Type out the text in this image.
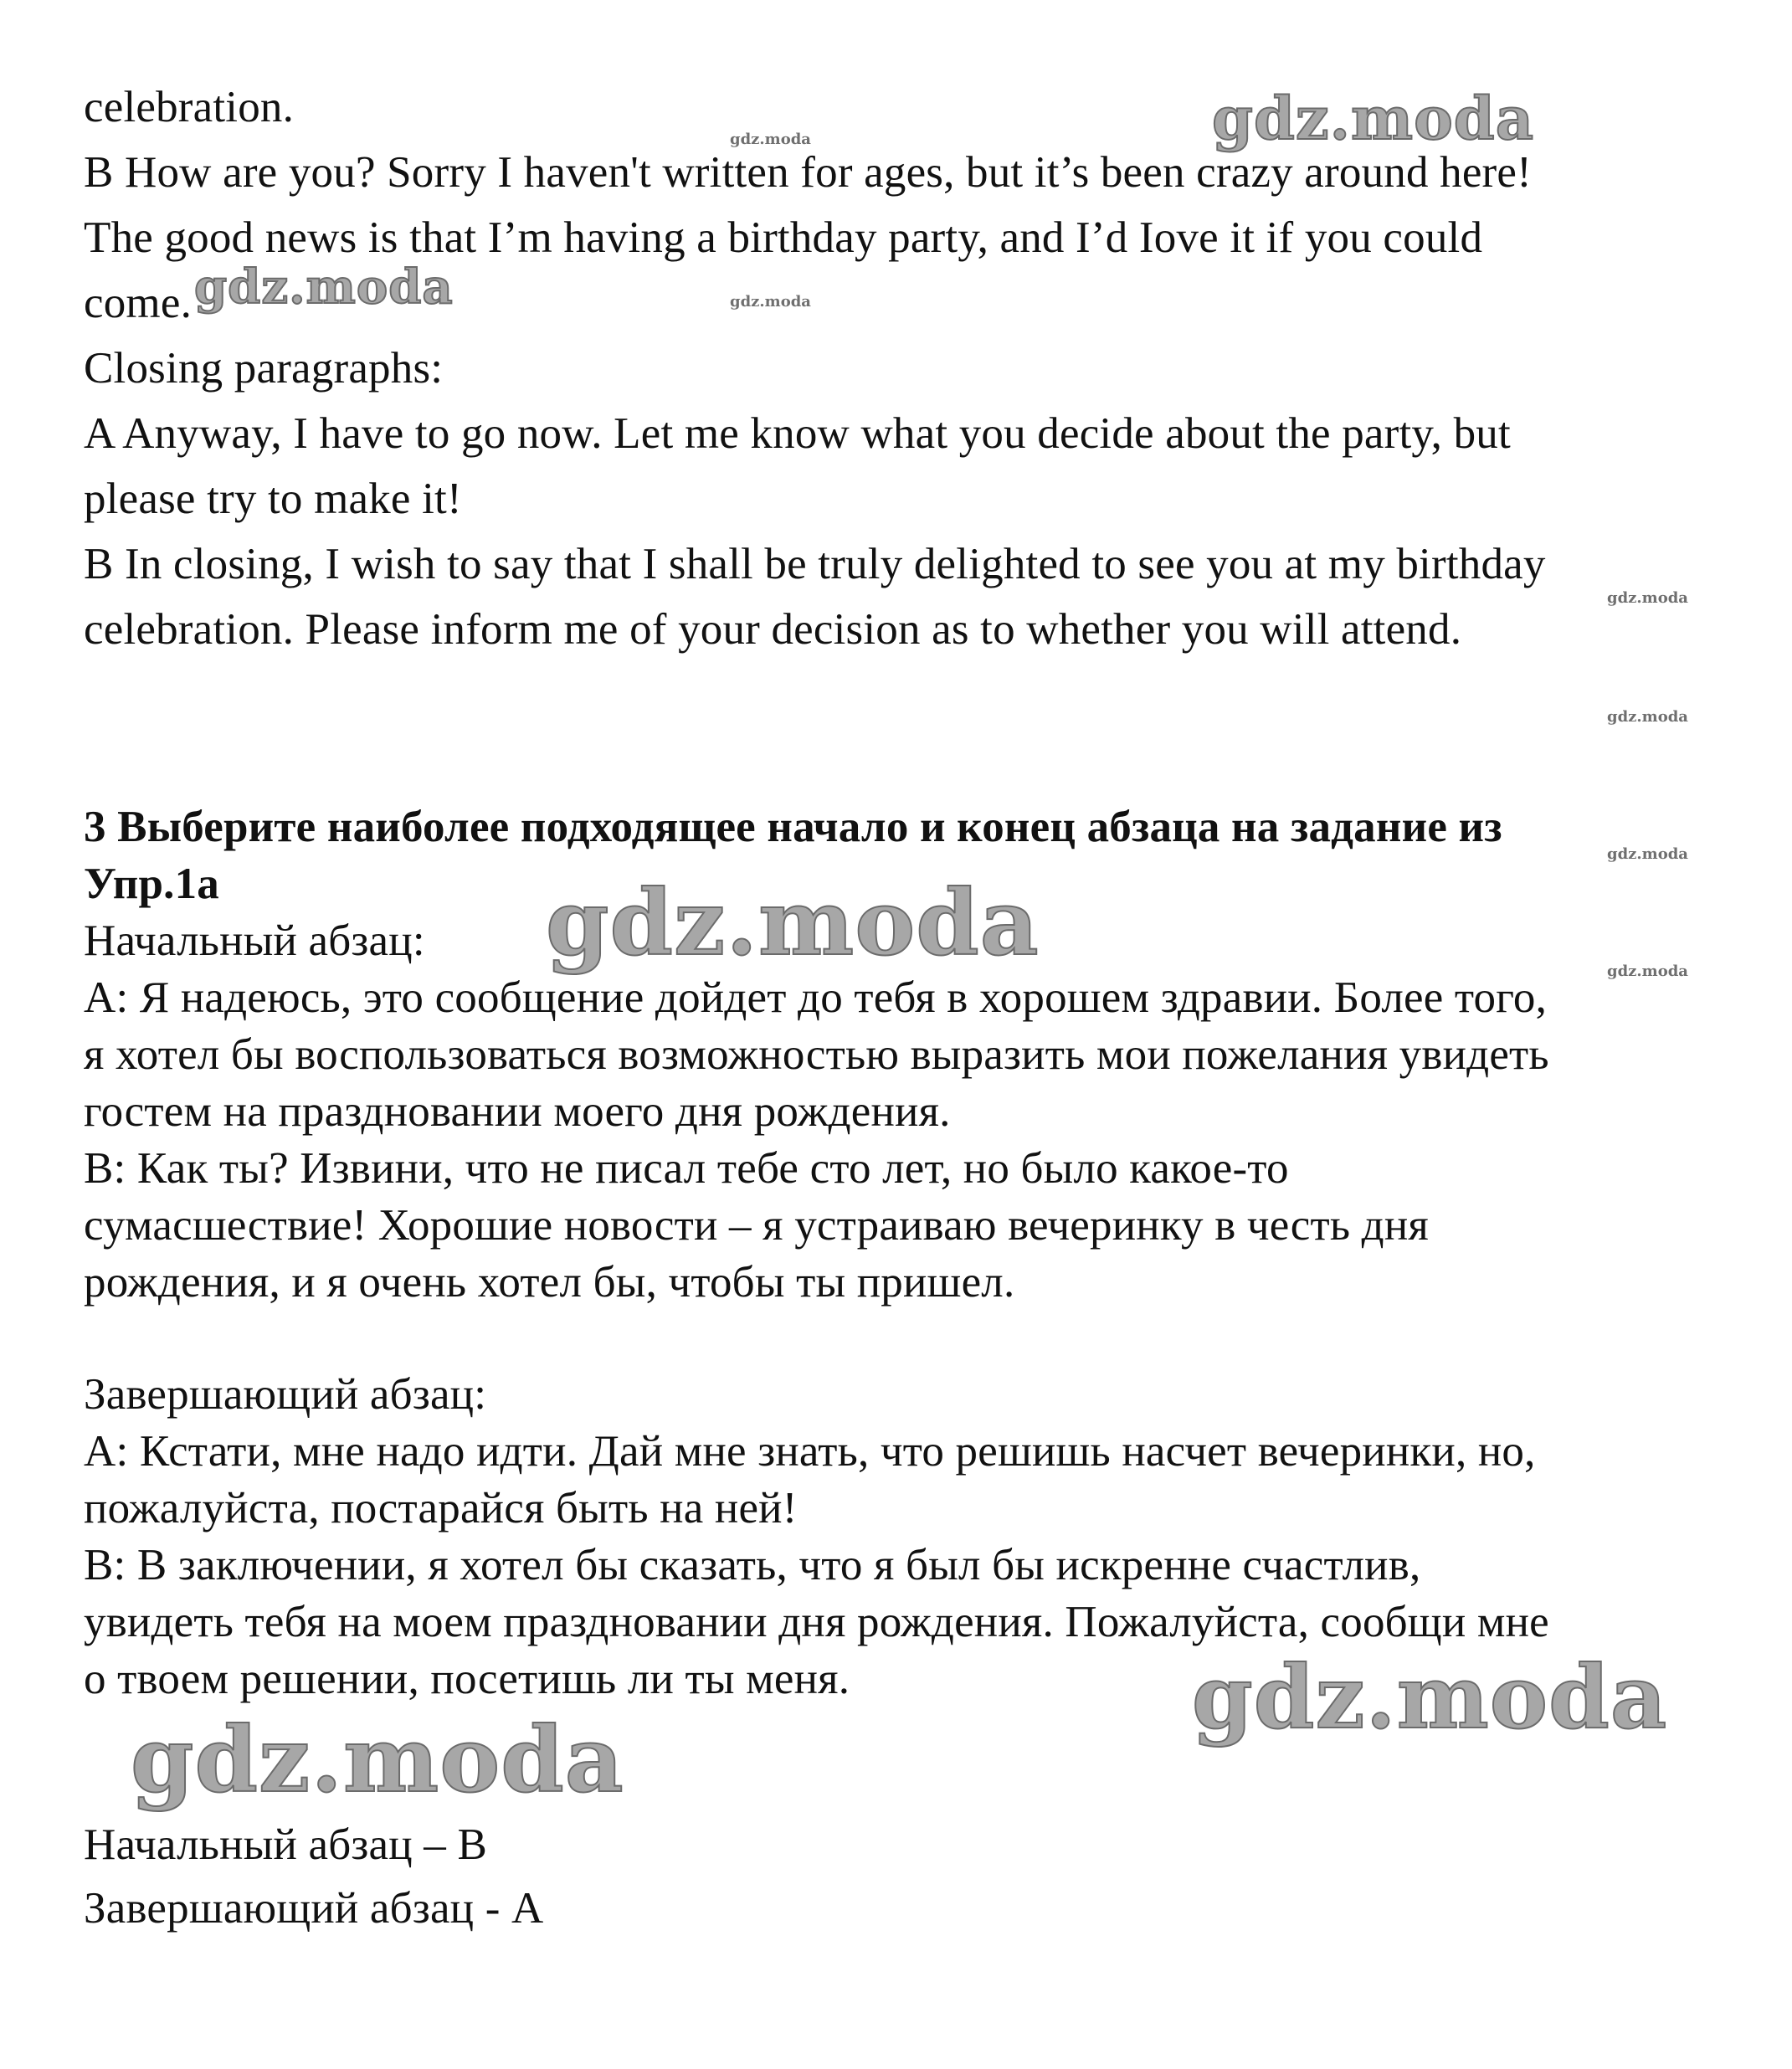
celebration.
B How are you? Sorry I haven't written for ages, but it’s been crazy around here!
The good news is that I’m having a birthday party, and I’d Iove it if you could
come.
Closing paragraphs:
A Anyway, I have to go now. Let me know what you decide about the party, but
please try to make it!
B In closing, I wish to say that I shall be truly delighted to see you at my birthday
celebration. Please inform me of your decision as to whether you will attend.
3 Выберите наиболее подходящее начало и конец абзаца на задание из
Упр.1а
Начальный абзац:
А: Я надеюсь, это сообщение дойдет до тебя в хорошем здравии. Более того,
я хотел бы воспользоваться возможностью выразить мои пожелания увидеть
гостем на праздновании моего дня рождения.
В: Как ты? Извини, что не писал тебе сто лет, но было какое-то
сумасшествие! Хорошие новости – я устраиваю вечеринку в честь дня
рождения, и я очень хотел бы, чтобы ты пришел.
Завершающий абзац:
А: Кстати, мне надо идти. Дай мне знать, что решишь насчет вечеринки, но,
пожалуйста, постарайся быть на ней!
В: В заключении, я хотел бы сказать, что я был бы искренне счастлив,
увидеть тебя на моем праздновании дня рождения. Пожалуйста, сообщи мне
о твоем решении, посетишь ли ты меня.
Начальный абзац – В
Завершающий абзац - А
gdz.moda
gdz.moda
gdz.moda
gdz.moda
gdz.moda
gdz.moda
gdz.moda
gdz.moda
gdz.moda
gdz.moda
gdz.moda
